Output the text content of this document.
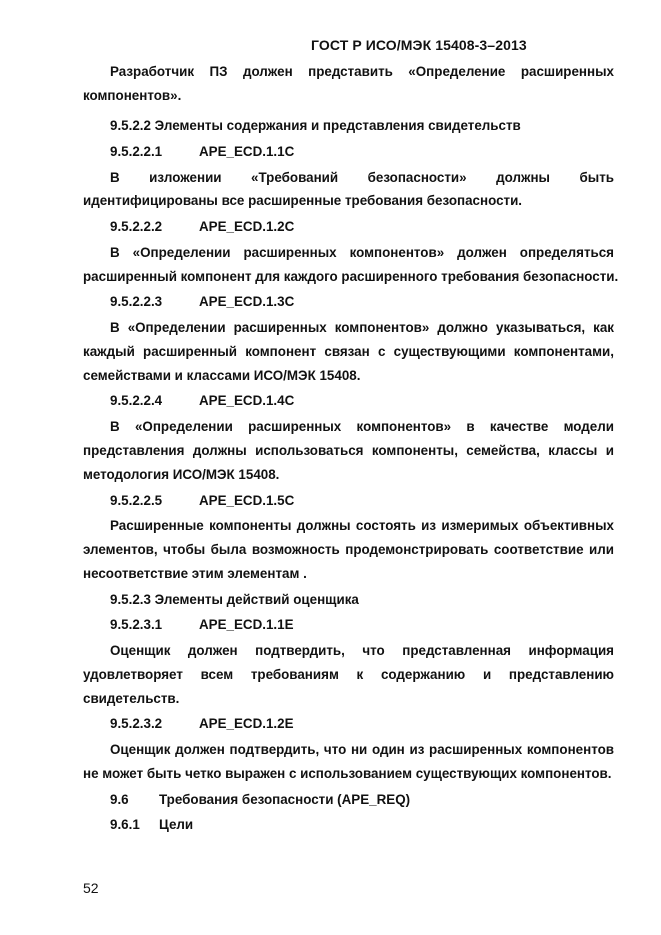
ГОСТ Р ИСО/МЭК 15408-3–2013
Разработчик ПЗ должен представить «Определение расширенных
компонентов».
9.5.2.2 Элементы содержания и представления свидетельств
9.5.2.2.1	APE_ECD.1.1C
В изложении «Требований безопасности» должны быть
идентифицированы все расширенные требования безопасности.
9.5.2.2.2	APE_ECD.1.2C
В «Определении расширенных компонентов» должен определяться
расширенный компонент для каждого расширенного требования безопасности.
9.5.2.2.3	APE_ECD.1.3C
В «Определении расширенных компонентов» должно указываться, как
каждый расширенный компонент связан с существующими компонентами,
семействами и классами ИСО/МЭК 15408.
9.5.2.2.4	APE_ECD.1.4C
В «Определении расширенных компонентов» в качестве модели
представления должны использоваться компоненты, семейства, классы и
методология ИСО/МЭК 15408.
9.5.2.2.5	APE_ECD.1.5C
Расширенные компоненты должны состоять из измеримых объективных
элементов, чтобы была возможность продемонстрировать соответствие или
несоответствие этим элементам .
9.5.2.3 Элементы действий оценщика
9.5.2.3.1	APE_ECD.1.1E
Оценщик должен подтвердить, что представленная информация
удовлетворяет всем требованиям к содержанию и представлению
свидетельств.
9.5.2.3.2	APE_ECD.1.2E
Оценщик должен подтвердить, что ни один из расширенных компонентов
не может быть четко выражен с использованием существующих компонентов.
9.6 Требования безопасности (APE_REQ)
9.6.1 Цели
52
